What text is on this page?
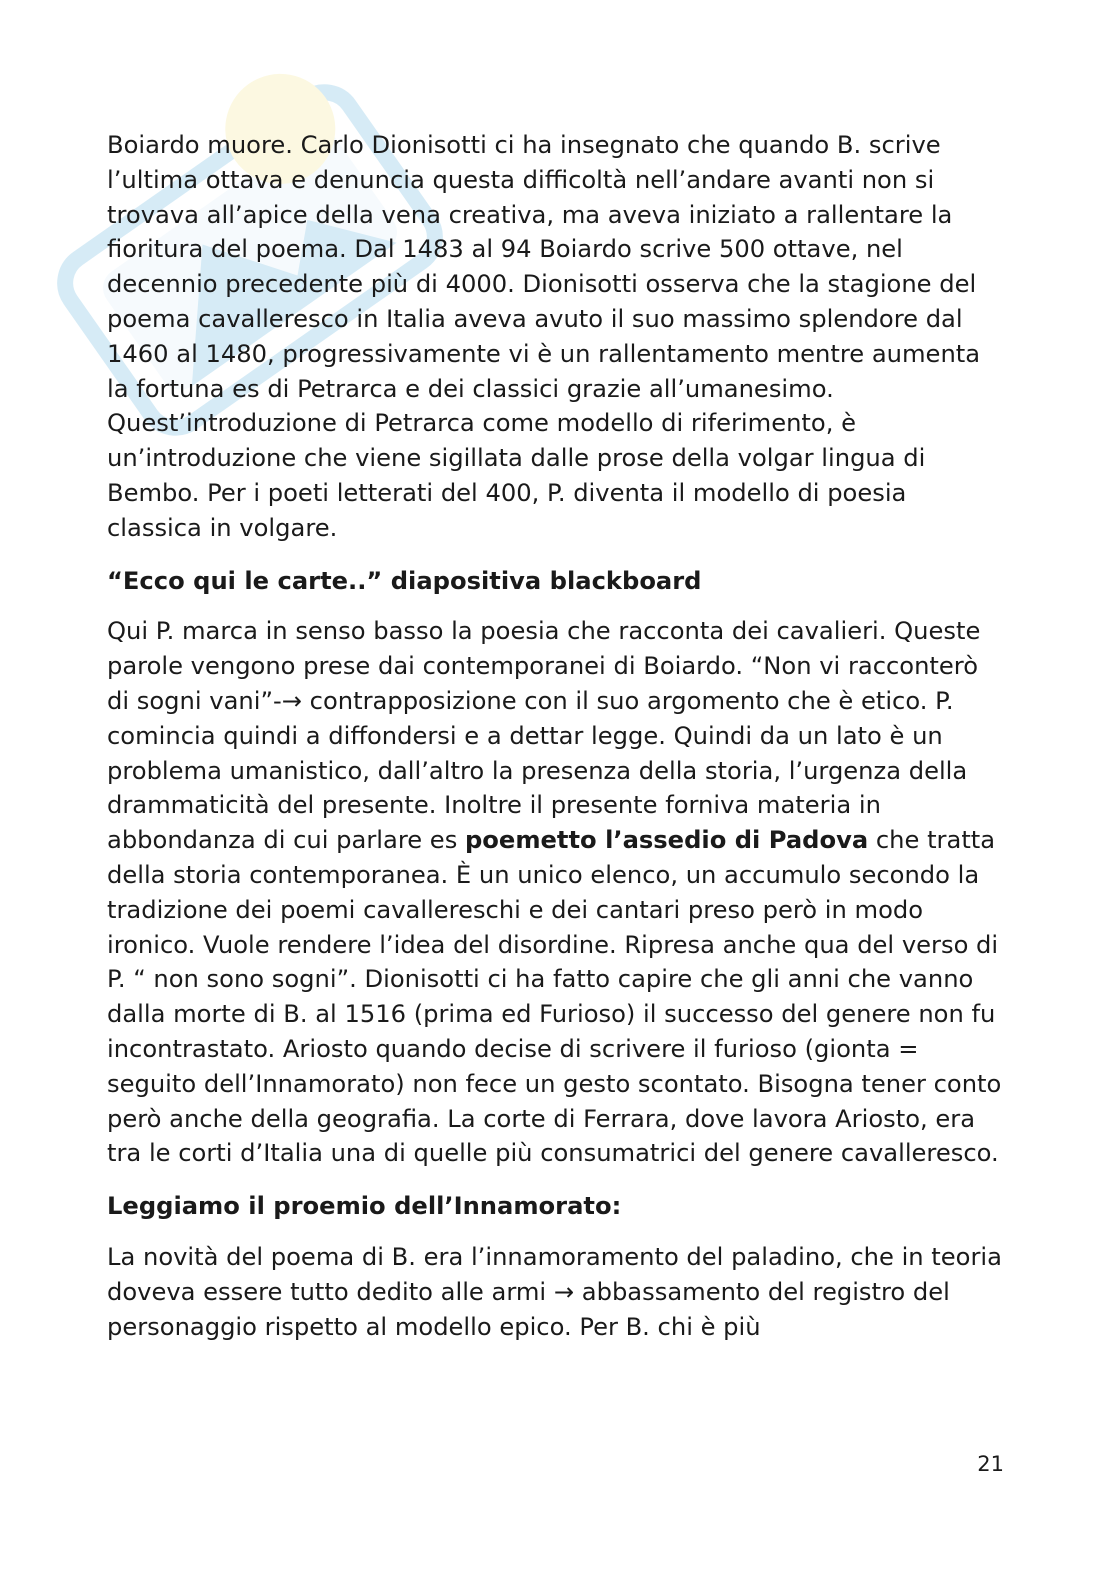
Boiardo muore. Carlo Dionisotti ci ha insegnato che quando B. scrive l’ultima ottava e denuncia questa difficoltà nell’andare avanti non si trovava all’apice della vena creativa, ma aveva iniziato a rallentare la fioritura del poema. Dal 1483 al 94 Boiardo scrive 500 ottave, nel decennio precedente più di 4000. Dionisotti osserva che la stagione del poema cavalleresco in Italia aveva avuto il suo massimo splendore dal 1460 al 1480, progressivamente vi è un rallentamento mentre aumenta la fortuna es di Petrarca e dei classici grazie all’umanesimo. Quest’introduzione di Petrarca come modello di riferimento, è un’introduzione che viene sigillata dalle prose della volgar lingua di Bembo. Per i poeti letterati del 400, P. diventa il modello di poesia classica in volgare.

“Ecco qui le carte..” diapositiva blackboard

Qui P. marca in senso basso la poesia che racconta dei cavalieri. Queste parole vengono prese dai contemporanei di Boiardo. “Non vi racconterò di sogni vani”-→ contrapposizione con il suo argomento che è etico. P. comincia quindi a diffondersi e a dettar legge. Quindi da un lato è un problema umanistico, dall’altro la presenza della storia, l’urgenza della drammaticità del presente. Inoltre il presente forniva materia in abbondanza di cui parlare es poemetto l’assedio di Padova che tratta della storia contemporanea. È un unico elenco, un accumulo secondo la tradizione dei poemi cavallereschi e dei cantari preso però in modo ironico. Vuole rendere l’idea del disordine. Ripresa anche qua del verso di P. “ non sono sogni”. Dionisotti ci ha fatto capire che gli anni che vanno dalla morte di B. al 1516 (prima ed Furioso) il successo del genere non fu incontrastato. Ariosto quando decise di scrivere il furioso (gionta = seguito dell’Innamorato) non fece un gesto scontato. Bisogna tener conto però anche della geografia. La corte di Ferrara, dove lavora Ariosto, era tra le corti d’Italia una di quelle più consumatrici del genere cavalleresco.

Leggiamo il proemio dell’Innamorato:

La novità del poema di B. era l’innamoramento del paladino, che in teoria doveva essere tutto dedito alle armi → abbassamento del registro del personaggio rispetto al modello epico. Per B. chi è più

21
